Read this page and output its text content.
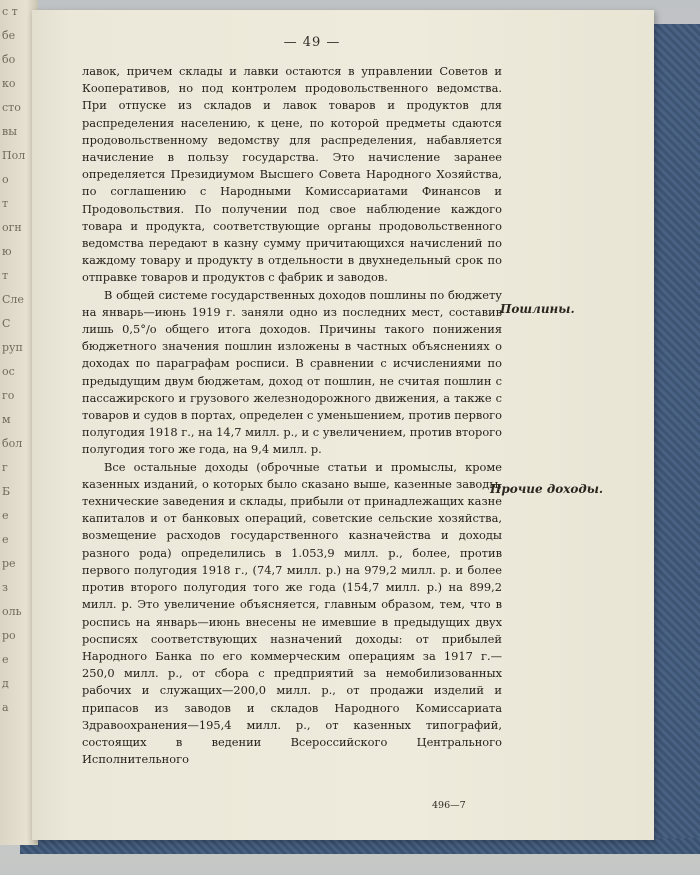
с т
бе
бо
ко
сто
вы
Пол
о
т
огн
ю
т
Сле
С
руп
ос
го
м
бол
г
Б
е
е
ре
з
оль
ро
е
д
а
— 49 —

лавок, причем склады и лавки остаются в управлении Советов и Кооперативов, но под контролем продовольственного ведомства. При отпуске из складов и лавок товаров и продуктов для распределения населению, к цене, по которой предметы сдаются продовольственному ведомству для распределения, набавляется начисление в пользу государства. Это начисление заранее определяется Президиумом Высшего Совета Народного Хозяйства, по соглашению с Народными Комиссариатами Финансов и Продовольствия. По получении под свое наблюдение каждого товара и продукта, соответствующие органы продовольственного ведомства передают в казну сумму причитающихся начислений по каждому товару и продукту в отдельности в двухнедельный срок по отправке товаров и продуктов с фабрик и заводов.

В общей системе государственных доходов пошлины по бюджету на январь—июнь 1919 г. заняли одно из последних мест, составив лишь 0,5°/о общего итога доходов. Причины такого понижения бюджетного значения пошлин изложены в частных объяснениях о доходах по параграфам росписи. В сравнении с исчислениями по предыдущим двум бюджетам, доход от пошлин, не считая пошлин с пассажирского и грузового железнодорожного движения, а также с товаров и судов в портах, определен с уменьшением, против первого полугодия 1918 г., на 14,7 милл. р., и с увеличением, против второго полугодия того же года, на 9,4 милл. р.

Все остальные доходы (оброчные статьи и промыслы, кроме казенных изданий, о которых было сказано выше, казенные заводы, технические заведения и склады, прибыли от принадлежащих казне капиталов и от банковых операций, советские сельские хозяйства, возмещение расходов государственного казначейства и доходы разного рода) определились в 1.053,9 милл. р., более, против первого полугодия 1918 г., (74,7 милл. р.) на 979,2 милл. р. и более против второго полугодия того же года (154,7 милл. р.) на 899,2 милл. р. Это увеличение объясняется, главным образом, тем, что в роспись на январь—июнь внесены не имевшие в предыдущих двух росписях соответствующих назначений доходы: от прибылей Народного Банка по его коммерческим операциям за 1917 г.— 250,0 милл. р., от сбора с предприятий за немобилизованных рабочих и служащих—200,0 милл. р., от продажи изделий и припасов из заводов и складов Народного Комиссариата Здравоохранения—195,4 милл. р., от казенных типографий, состоящих в ведении Всероссийского Центрального Исполнительного

Пошлины.
Прочие доходы.
496—7
